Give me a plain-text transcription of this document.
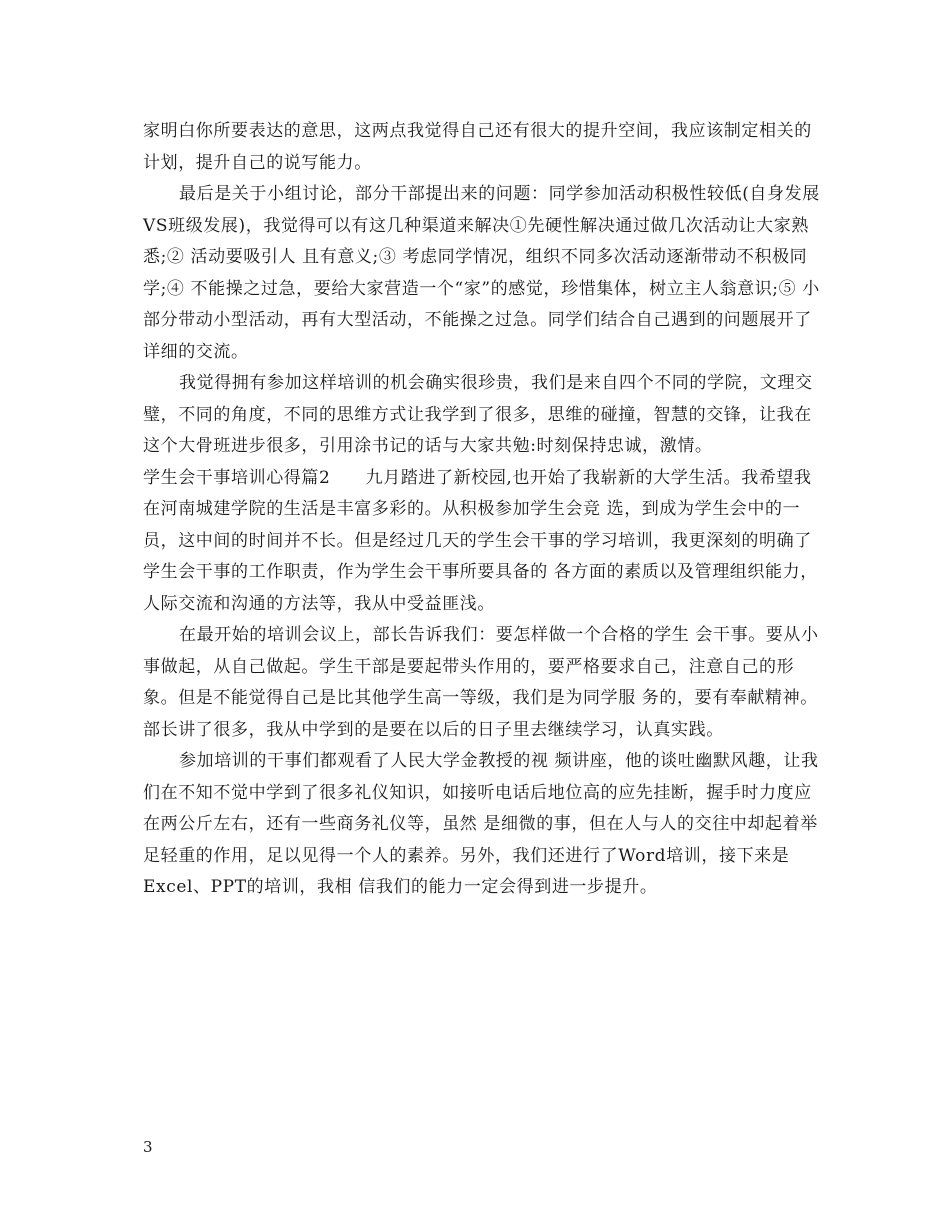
家明白你所要表达的意思，这两点我觉得自己还有很大的提升空间，我应该制定相关的计划，提升自己的说写能力。

最后是关于小组讨论，部分干部提出来的问题：同学参加活动积极性较低(自身发展VS班级发展)，我觉得可以有这几种渠道来解决①先硬性解决通过做几次活动让大家熟悉;② 活动要吸引人 且有意义;③ 考虑同学情况，组织不同多次活动逐渐带动不积极同学;④ 不能操之过急，要给大家营造一个“家”的感觉，珍惜集体，树立主人翁意识;⑤ 小部分带动小型活动，再有大型活动，不能操之过急。同学们结合自己遇到的问题展开了详细的交流。

我觉得拥有参加这样培训的机会确实很珍贵，我们是来自四个不同的学院，文理交璧，不同的角度，不同的思维方式让我学到了很多，思维的碰撞，智慧的交锋，让我在这个大骨班进步很多，引用涂书记的话与大家共勉:时刻保持忠诚，激情。

学生会干事培训心得篇2　　九月踏进了新校园,也开始了我崭新的大学生活。我希望我在河南城建学院的生活是丰富多彩的。从积极参加学生会竞 选，到成为学生会中的一员，这中间的时间并不长。但是经过几天的学生会干事的学习培训，我更深刻的明确了学生会干事的工作职责，作为学生会干事所要具备的 各方面的素质以及管理组织能力，人际交流和沟通的方法等，我从中受益匪浅。

在最开始的培训会议上，部长告诉我们：要怎样做一个合格的学生 会干事。要从小事做起，从自己做起。学生干部是要起带头作用的，要严格要求自己，注意自己的形象。但是不能觉得自己是比其他学生高一等级，我们是为同学服 务的，要有奉献精神。部长讲了很多，我从中学到的是要在以后的日子里去继续学习，认真实践。

参加培训的干事们都观看了人民大学金教授的视 频讲座，他的谈吐幽默风趣，让我们在不知不觉中学到了很多礼仪知识，如接听电话后地位高的应先挂断，握手时力度应在两公斤左右，还有一些商务礼仪等，虽然 是细微的事，但在人与人的交往中却起着举足轻重的作用，足以见得一个人的素养。另外，我们还进行了Word培训，接下来是Excel、PPT的培训，我相 信我们的能力一定会得到进一步提升。

3
